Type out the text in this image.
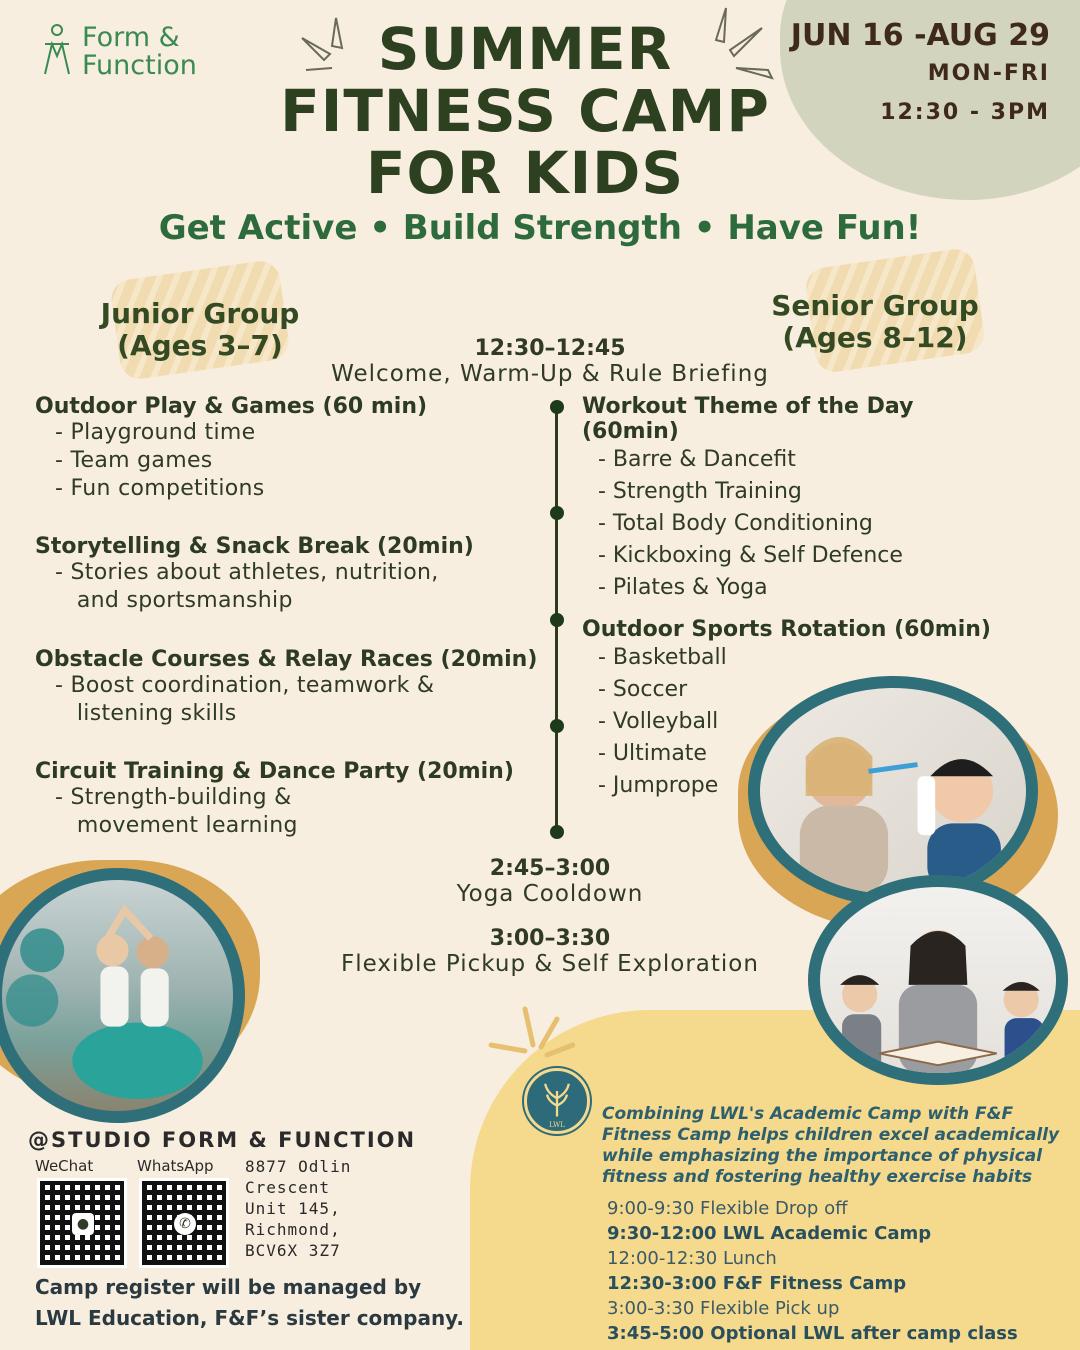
Form &
Function	SUMMER
FITNESS CAMP
FOR KIDS
Get Active • Build Strength • Have Fun!
JUN 16 -AUG 29
MON-FRI
12:30 - 3PM
Junior Group
(Ages 3–7)
Senior Group
(Ages 8–12)
12:30–12:45
Welcome, Warm-Up & Rule Briefing
Outdoor Play & Games (60 min)
- Playground time
- Team games
- Fun competitions
Storytelling & Snack Break (20min)
- Stories about athletes, nutrition,
and sportsmanship
Obstacle Courses & Relay Races (20min)
- Boost coordination, teamwork &
listening skills
Circuit Training & Dance Party (20min)
- Strength-building &
movement learning
Workout Theme of the Day (60min)
- Barre & Dancefit
- Strength Training
- Total Body Conditioning
- Kickboxing & Self Defence
- Pilates & Yoga
Outdoor Sports Rotation (60min)
- Basketball
- Soccer
- Volleyball
- Ultimate
- Jumprope
2:45–3:00
Yoga Cooldown
3:00–3:30
Flexible Pickup & Self Exploration
LWL
Combining LWL's Academic Camp with F&F Fitness Camp helps children excel academically while emphasizing the importance of physical fitness and fostering healthy exercise habits
9:00-9:30 Flexible Drop off
9:30-12:00 LWL Academic Camp
12:00-12:30 Lunch
12:30-3:00 F&F Fitness Camp
3:00-3:30 Flexible Pick up
3:45-5:00 Optional LWL after camp class
@STUDIO FORM & FUNCTION
WeChat	WhatsApp
●	✆
8877 Odlin
Crescent
Unit 145,
Richmond,
BCV6X 3Z7
Camp register will be managed by
LWL Education, F&F’s sister company.
